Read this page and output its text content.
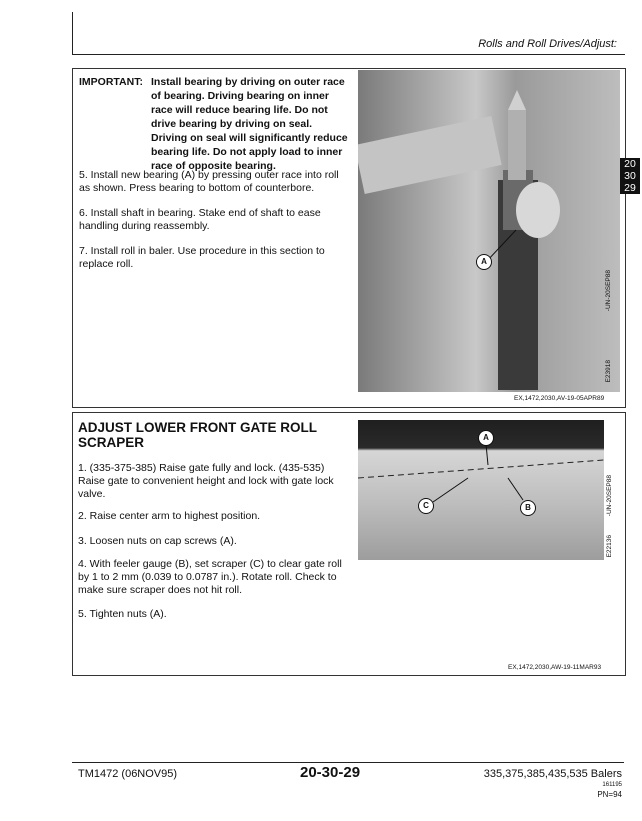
Rolls and Roll Drives/Adjust:
IMPORTANT: Install bearing by driving on outer race of bearing. Driving bearing on inner race will reduce bearing life. Do not drive bearing by driving on seal. Driving on seal will significantly reduce bearing life. Do not apply load to inner race of opposite bearing.
5. Install new bearing (A) by pressing outer race into roll as shown. Press bearing to bottom of counterbore.
6. Install shaft in bearing. Stake end of shaft to ease handling during reassembly.
7. Install roll in baler. Use procedure in this section to replace roll.	A
-UN-20SEP88
E23918
EX,1472,2030,AV-19-05APR89
ADJUST LOWER FRONT GATE ROLL SCRAPER
1. (335-375-385) Raise gate fully and lock. (435-535) Raise gate to convenient height and lock with gate lock valve.
2. Raise center arm to highest position.
3. Loosen nuts on cap screws (A).
4. With feeler gauge (B), set scraper (C) to clear gate roll by 1 to 2 mm (0.039 to 0.0787 in.). Rotate roll. Check to make sure scraper does not hit roll.
5. Tighten nuts (A).
A
B
C	-UN-20SEP88
E22136
EX,1472,2030,AW-19-11MAR93
20
30
29
TM1472 (06NOV95)	20-30-29	335,375,385,435,535 Balers
161195
PN=94
